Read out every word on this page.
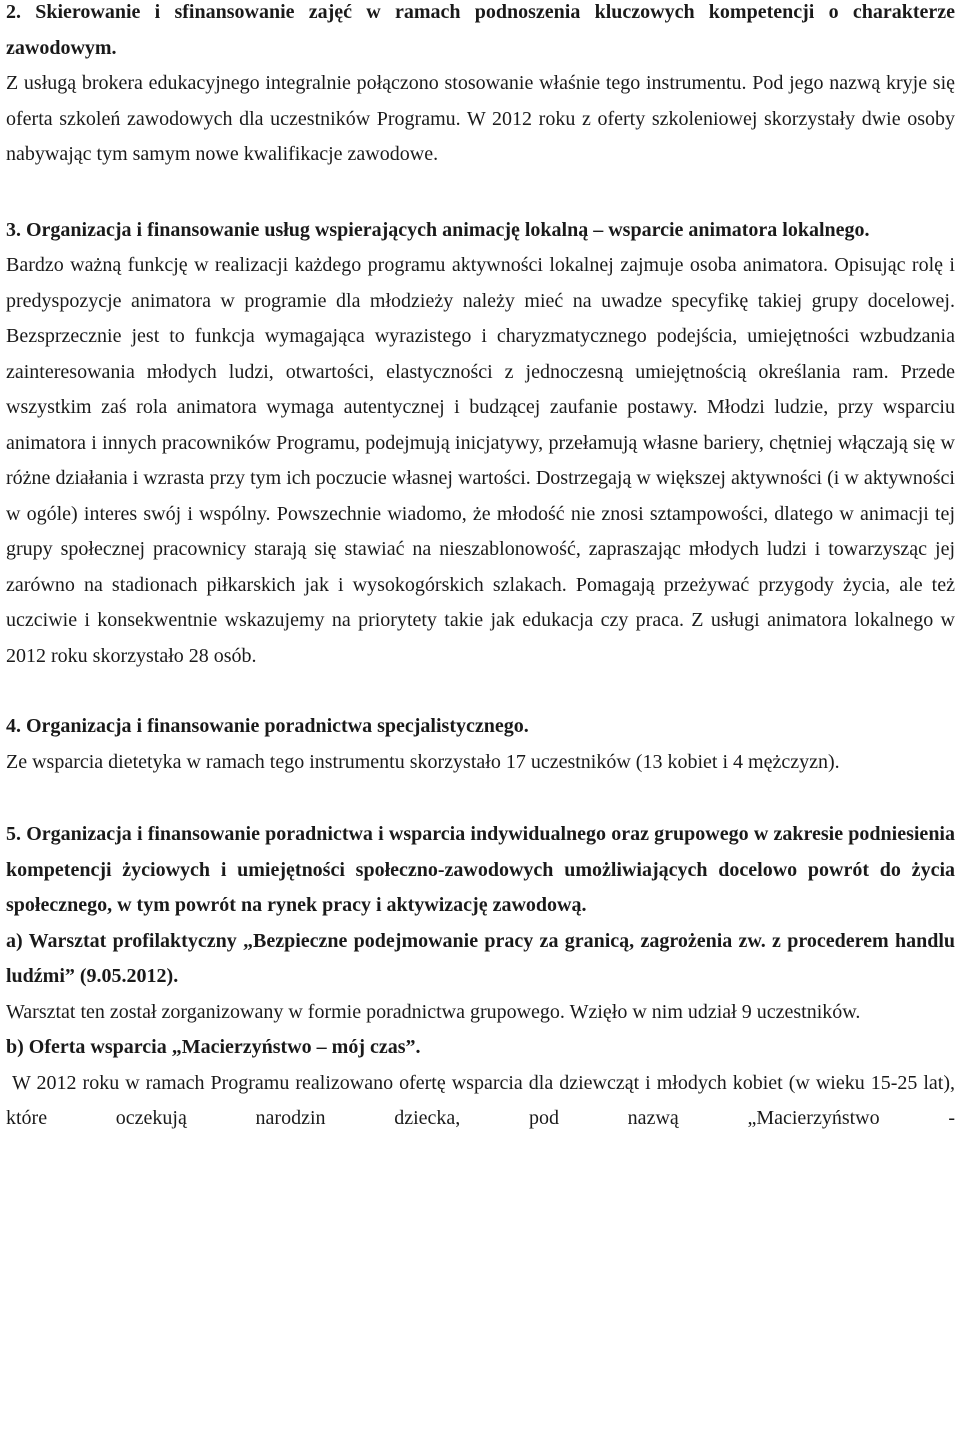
2. Skierowanie i sfinansowanie zajęć w ramach podnoszenia kluczowych kompetencji o charakterze zawodowym.

Z usługą brokera edukacyjnego integralnie połączono stosowanie właśnie tego instrumentu. Pod jego nazwą kryje się oferta szkoleń zawodowych dla uczestników Programu. W 2012 roku z oferty szkoleniowej skorzystały dwie osoby nabywając tym samym nowe kwalifikacje zawodowe.

3. Organizacja i finansowanie usług wspierających animację lokalną – wsparcie animatora lokalnego.

Bardzo ważną funkcję w realizacji każdego programu aktywności lokalnej zajmuje osoba animatora. Opisując rolę i predyspozycje animatora w programie dla młodzieży należy mieć na uwadze specyfikę takiej grupy docelowej. Bezsprzecznie jest to funkcja wymagająca wyrazistego i charyzmatycznego podejścia, umiejętności wzbudzania zainteresowania młodych ludzi, otwartości, elastyczności z jednoczesną umiejętnością określania ram. Przede wszystkim zaś rola animatora wymaga autentycznej i budzącej zaufanie postawy. Młodzi ludzie, przy wsparciu animatora i innych pracowników Programu, podejmują inicjatywy, przełamują własne bariery, chętniej włączają się w różne działania i wzrasta przy tym ich poczucie własnej wartości. Dostrzegają w większej aktywności (i w aktywności w ogóle) interes swój i wspólny. Powszechnie wiadomo, że młodość nie znosi sztampowości, dlatego w animacji tej grupy społecznej pracownicy starają się stawiać na nieszablonowość, zapraszając młodych ludzi i towarzysząc jej zarówno na stadionach piłkarskich jak i wysokogórskich szlakach. Pomagają przeżywać przygody życia, ale też uczciwie i konsekwentnie wskazujemy na priorytety takie jak edukacja czy praca. Z usługi animatora lokalnego w 2012 roku skorzystało 28 osób.

4. Organizacja i finansowanie poradnictwa specjalistycznego.

Ze wsparcia dietetyka w ramach tego instrumentu skorzystało 17 uczestników (13 kobiet i 4 mężczyzn).

5. Organizacja i finansowanie poradnictwa i wsparcia indywidualnego oraz grupowego w zakresie podniesienia kompetencji życiowych i umiejętności społeczno-zawodowych umożliwiających docelowo powrót do życia społecznego, w tym powrót na rynek pracy i aktywizację zawodową.

a) Warsztat profilaktyczny „Bezpieczne podejmowanie pracy za granicą, zagrożenia zw. z procederem handlu ludźmi” (9.05.2012).

Warsztat ten został zorganizowany w formie poradnictwa grupowego. Wzięło w nim udział 9 uczestników.

b) Oferta wsparcia „Macierzyństwo – mój czas”.

W 2012 roku w ramach Programu realizowano ofertę wsparcia dla dziewcząt i młodych kobiet (w wieku 15-25 lat), które oczekują narodzin dziecka, pod nazwą „Macierzyństwo -
